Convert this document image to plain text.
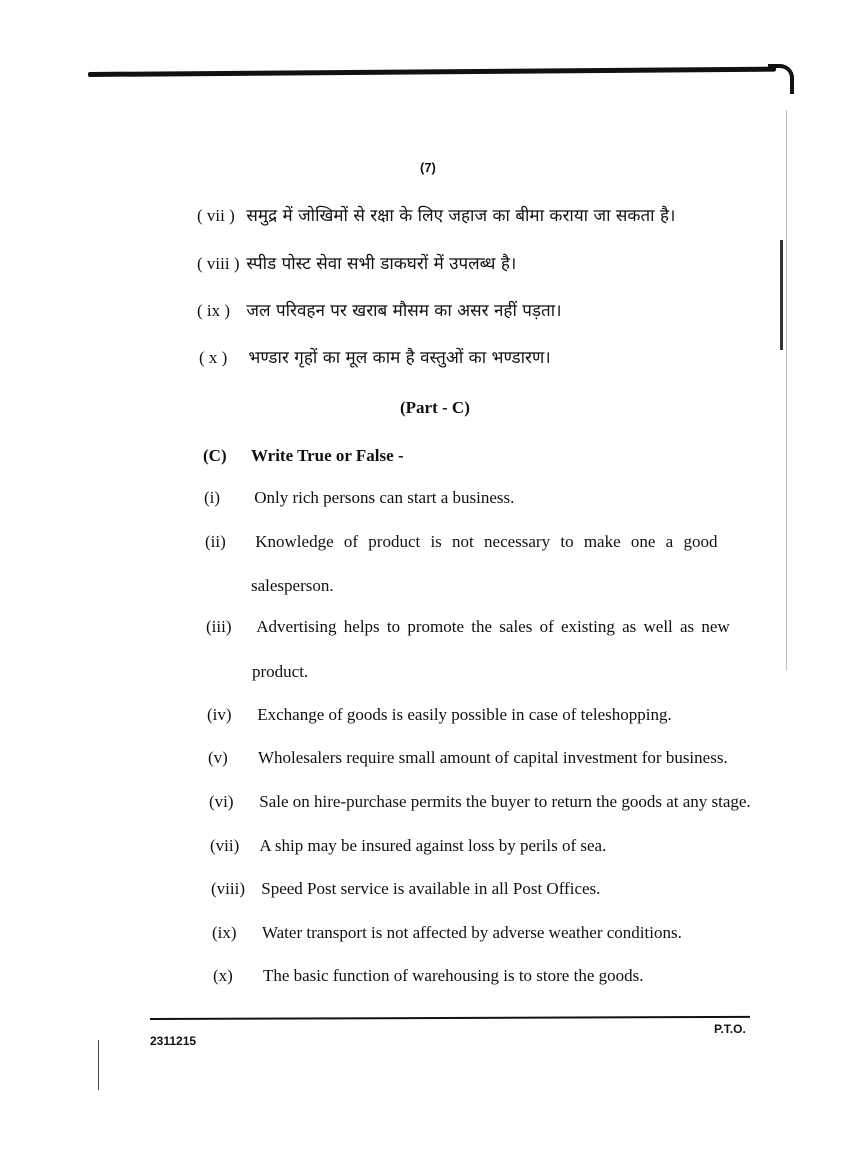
(7)
( vii ) समुद्र में जोखिमों से रक्षा के लिए जहाज का बीमा कराया जा सकता है।
( viii ) स्पीड पोस्ट सेवा सभी डाकघरों में उपलब्ध है।
( ix ) जल परिवहन पर खराब मौसम का असर नहीं पड़ता।
( x ) भण्डार गृहों का मूल काम है वस्तुओं का भण्डारण।
(Part - C)
(C) Write True or False -
(i) Only rich persons can start a business.
(ii) Knowledge of product is not necessary to make one a good
salesperson.
(iii) Advertising helps to promote the sales of existing as well as new
product.
(iv) Exchange of goods is easily possible in case of teleshopping.
(v) Wholesalers require small amount of capital investment for business.
(vi) Sale on hire-purchase permits the buyer to return the goods at any stage.
(vii) A ship may be insured against loss by perils of sea.
(viii) Speed Post service is available in all Post Offices.
(ix) Water transport is not affected by adverse weather conditions.
(x) The basic function of warehousing is to store the goods.
2311215
P.T.O.
